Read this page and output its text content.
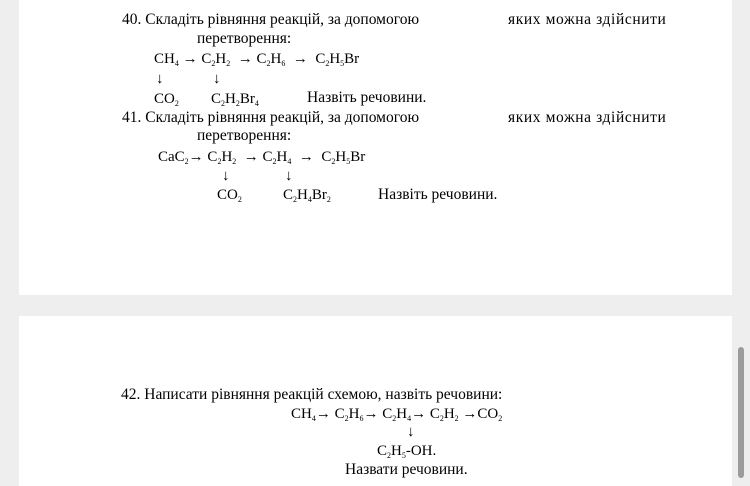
40. Складіть рівняння реакцій, за допомогою	яких можна здійснити
перетворення:
$CH_4 \to C_2H_2 \to C_2H_6 \to C_2H_5Br$
↓	↓
$CO_2$ $C_2H_2Br_4$	Назвіть речовини.
41. Складіть рівняння реакцій, за допомогою	яких можна здійснити
перетворення:
$CaC_2\to C_2H_2 \to C_2H_4 \to C_2H_5Br$
↓	↓
$CO_2$	$C_2H_4Br_2$	Назвіть речовини.
42. Написати рівняння реакцій схемою, назвіть речовини:
$CH_4\to C_2H_6\to C_2H_4\to C_2H_2 \to CO_2$
↓
$C_2H_5-OH$.
Назвати речовини.
